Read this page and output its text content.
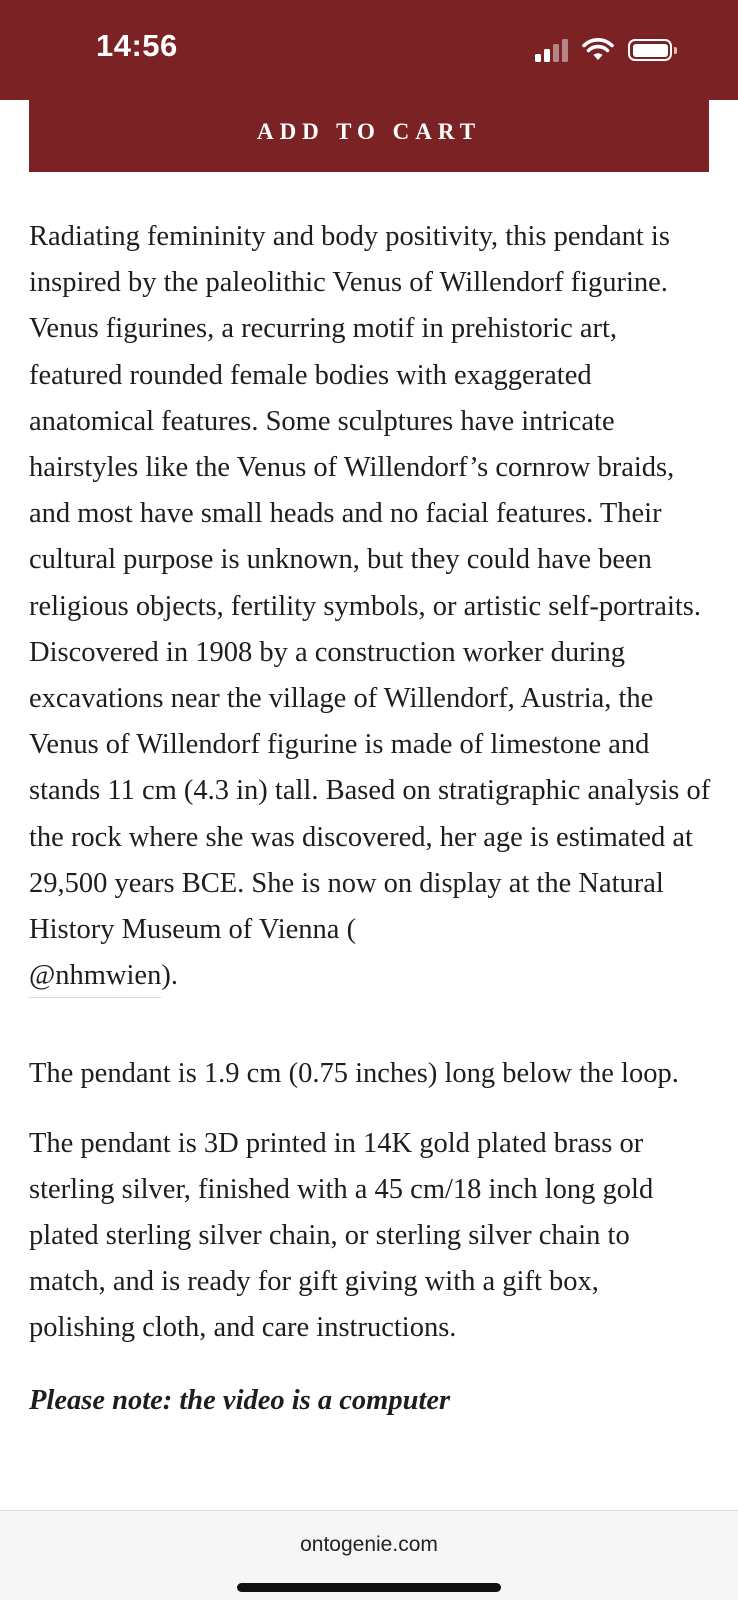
14:56
ADD TO CART

Radiating femininity and body positivity, this pendant is inspired by the paleolithic Venus of Willendorf figurine. Venus figurines, a recurring motif in prehistoric art, featured rounded female bodies with exaggerated anatomical features. Some sculptures have intricate hairstyles like the Venus of Willendorf’s cornrow braids, and most have small heads and no facial features. Their cultural purpose is unknown, but they could have been religious objects, fertility symbols, or artistic self-portraits. Discovered in 1908 by a construction worker during excavations near the village of Willendorf, Austria, the Venus of Willendorf figurine is made of limestone and stands 11 cm (4.3 in) tall. Based on stratigraphic analysis of the rock where she was discovered, her age is estimated at 29,500 years BCE. She is now on display at the Natural History Museum of Vienna (
@nhmwien).

The pendant is 1.9 cm (0.75 inches) long below the loop.

The pendant is 3D printed in 14K gold plated brass or sterling silver, finished with a 45 cm/18 inch long gold plated sterling silver chain, or sterling silver chain to match, and is ready for gift giving with a gift box, polishing cloth, and care instructions.

Please note: the video is a computer

ontogenie.com
